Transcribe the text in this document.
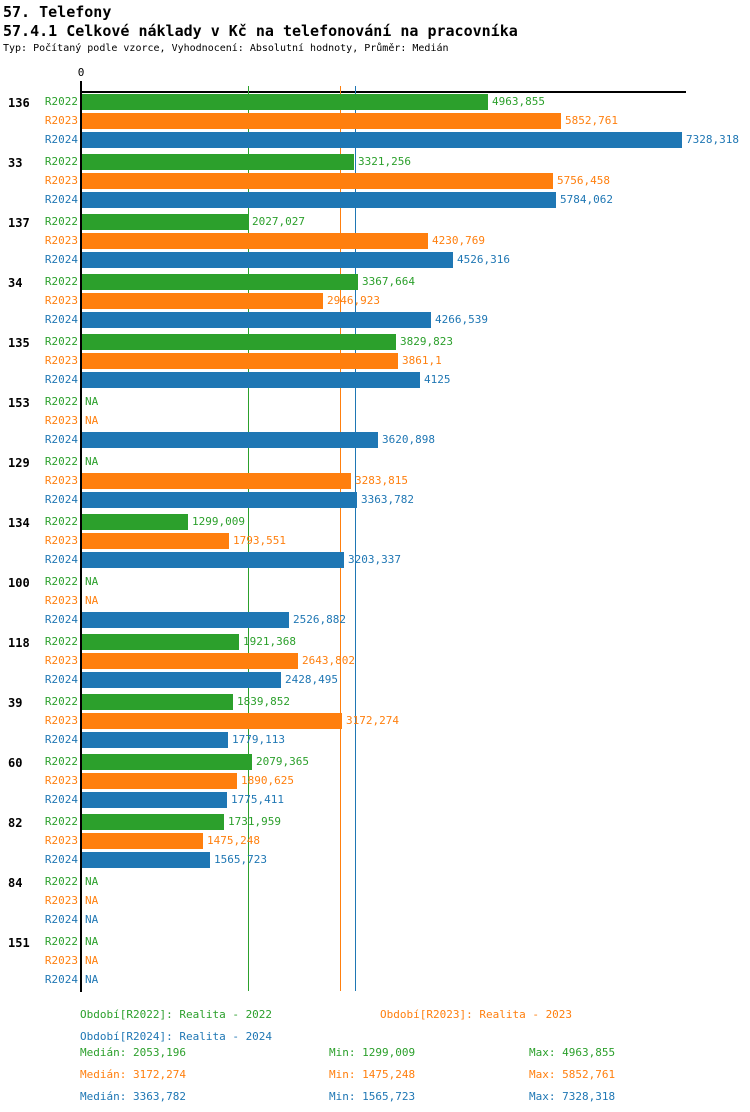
57. Telefony
57.4.1 Celkové náklady v Kč na telefonování na pracovníka
Typ: Počítaný podle vzorce, Vyhodnocení: Absolutní hodnoty, Průměr: Medián
0
136	R2022	4963,855
R2023	5852,761
R2024	7328,318
33	R2022	3321,256
R2023	5756,458
R2024	5784,062
137	R2022	2027,027
R2023	4230,769
R2024	4526,316
34	R2022	3367,664
R2023	2946,923
R2024	4266,539
135	R2022	3829,823
R2023	3861,1
R2024	4125
153	R2022 NA
R2023 NA
R2024	3620,898
129	R2022 NA
R2023	3283,815
R2024	3363,782
134	R2022	1299,009
R2023	1793,551
R2024	3203,337
100	R2022 NA
R2023 NA
R2024	2526,882
118	R2022	1921,368
R2023	2643,802
R2024	2428,495
39	R2022	1839,852
R2023	3172,274
R2024	1779,113
60	R2022	2079,365
R2023	1890,625
R2024	1775,411
82	R2022	1731,959
R2023	1475,248
R2024	1565,723
84	R2022 NA
R2023 NA
R2024 NA
151	R2022 NA
R2023 NA
R2024 NA
Období[R2022]: Realita - 2022	Období[R2023]: Realita - 2023
Období[R2024]: Realita - 2024
Medián: 2053,196	Min: 1299,009	Max: 4963,855
Medián: 3172,274	Min: 1475,248	Max: 5852,761
Medián: 3363,782	Min: 1565,723	Max: 7328,318
